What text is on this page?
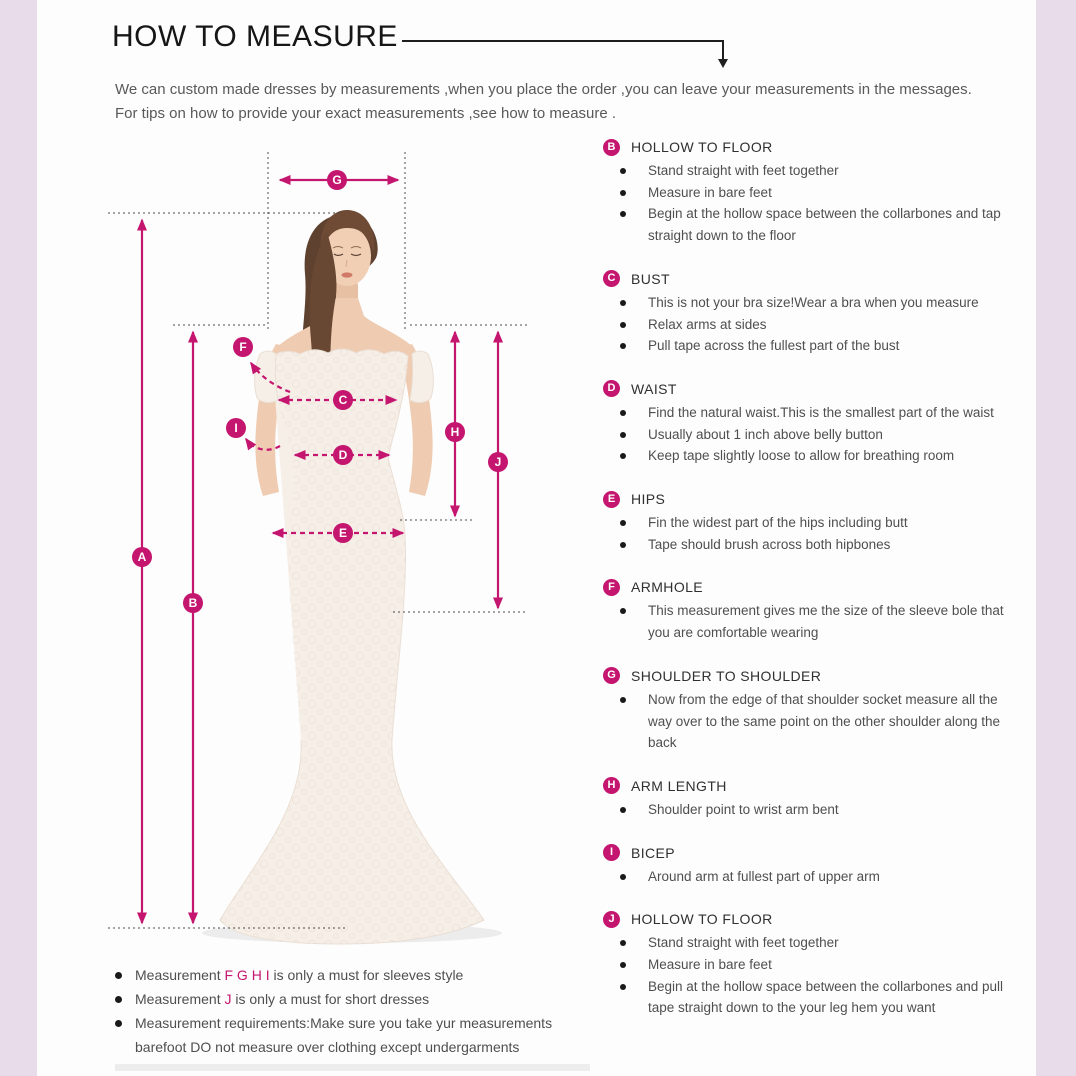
HOW TO MEASURE
We can custom made dresses by measurements ,when you place the order ,you can leave your measurements in the messages.
For tips on how to provide your exact measurements ,see how to measure .
G
A
B
F
C
I
D
H
J
E
B	HOLLOW TO FLOOR
Stand straight with feet together
Measure in bare feet
Begin at the hollow space between the collarbones and tap straight down to the floor
C	BUST
This is not your bra size!Wear a bra when you measure
Relax arms at sides
Pull tape across the fullest part of the bust
D	WAIST
Find the natural waist.This is the smallest part of the waist
Usually about 1 inch above belly button
Keep tape slightly loose to allow for breathing room
E	HIPS
Fin the widest part of the hips including butt
Tape should brush across both hipbones
F	ARMHOLE
This measurement gives me the size of the sleeve bole that you are comfortable wearing
G	SHOULDER TO SHOULDER
Now from the edge of that shoulder socket measure all the way over to the same point on the other shoulder along the back
H	ARM LENGTH
Shoulder point to wrist arm bent
I	BICEP
Around arm at fullest part of upper arm
J	HOLLOW TO FLOOR
Stand straight with feet together
Measure in bare feet
Begin at the hollow space between the collarbones and pull tape straight down to the your leg hem you want

Measurement F G H I is only a must for sleeves style

Measurement J is only a must for short dresses

Measurement requirements:Make sure you take yur measurements barefoot DO not measure over clothing except undergarments
